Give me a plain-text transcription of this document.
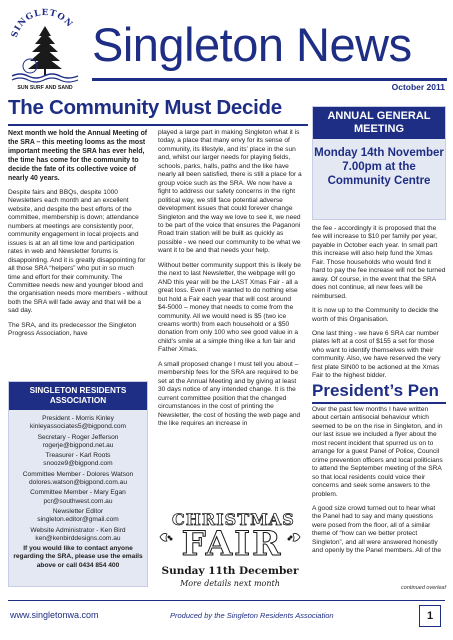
SINGLETON
SUN SURF AND SAND
Singleton News
October 2011
The Community Must Decide

Next month we hold the Annual Meeting of the SRA – this meeting looms as the most important meeting the SRA has ever held, the time has come for the community to decide the fate of its collective voice of nearly 40 years.

Despite fairs and BBQs, despite 1000 Newsletters each month and an excellent website, and despite the best efforts of the committee, membership is down; attendance numbers at meetings are consistently poor, community engagement in local projects and issues is at an all time low and participation rates in web and Newsletter forums is disappointing. And it is greatly disappointing for all those SRA “helpers” who put in so much time and effort for their community. The Committee needs new and younger blood and the organisation needs more members - without both the SRA will fade away and that will be a sad day.

The SRA, and its predecessor the Singleton Progress Association, have

SINGLETON RESIDENTS ASSOCIATION
President - Morris Kinley
kinleyassociates5@bigpond.com
Secretary - Roger Jefferson
rogerje@bigpond.net.au
Treasurer - Karl Roots
snooze9@bigpond.com
Committee Member - Dolores Watson
dolores.watson@bigpond.com.au
Committee Member - Mary Egan
pcr@southwest.com.au
Newsletter Editor
singleton.editor@gmail.com
Website Administrator - Ken Bird
ken@kenbirddesigns.com.au
If you would like to contact anyone regarding the SRA, please use the emails above or call 0434 854 400

played a large part in making Singleton what it is today, a place that many envy for its sense of community, its lifestyle, and its’ place in the sun and, whilst our larger needs for playing fields, schools, parks, halls, paths and the like have nearly all been satisfied, there is still a place for a group voice such as the SRA. We now have a fight to address our safety concerns in the right political way, we still face potential adverse development issues that could forever change Singleton and the way we love to see it, we need to be part of the voice that ensures the Paganoni Road train station will be built as quickly as possible - we need our community to be what we want it to be and that needs your help.

Without better community support this is likely be the next to last Newsletter, the webpage will go AND this year will be the LAST Xmas Fair - all a great loss. Even if we wanted to do nothing else but hold a Fair each year that will cost around $4-5000 – money that needs to come from the community. All we would need is $5 (two ice creams worth) from each household or a $50 donation from only 100 who see good value in a child’s smile at a simple thing like a fun fair and Father Xmas.

A small proposed change I must tell you about – membership fees for the SRA are required to be set at the Annual Meeting and by giving at least 30 days notice of any intended change. It is the current committee position that the changed circumstances in the cost of printing the Newsletter, the cost of hosting the web page and the like requires an increase in

CHRISTMAS
FAIR
Sunday 11th December
More details next month
ANNUAL GENERAL MEETING
Monday 14th November
7.00pm at the
Community Centre

the fee - accordingly it is proposed that the fee will increase to $10 per family per year, payable in October each year. In small part this increase will also help fund the Xmas Fair. Those households who would find it hard to pay the fee increase will not be turned away. Of course, in the event that the SRA does not continue, all new fees will be reimbursed.

It is now up to the Community to decide the worth of this Organisation.

One last thing - we have 6 SRA car number plates left at a cost of $155 a set for those who want to identify themselves with their community. Also, we have reserved the very first plate SIN00 to be actioned at the Xmas Fair to the highest bidder.

President’s Pen

Over the past few months I have written about certain antisocial behaviour which seemed to be on the rise in Singleton, and in our last issue we included a flyer about the most recent incident that spurred us on to arrange for a guest Panel of Police, Council crime prevention officers and local politicians to attend the September meeting of the SRA so that local residents could voice their concerns and seek some answers to the problem.

A good size crowd turned out to hear what the Panel had to say and many questions were posed from the floor, all of a similar theme of “how can we better protect Singleton”, and all were answered honestly and openly by the Panel members. All of the

continued overleaf
www.singletonwa.com	Produced by the Singleton Residents Association	1
